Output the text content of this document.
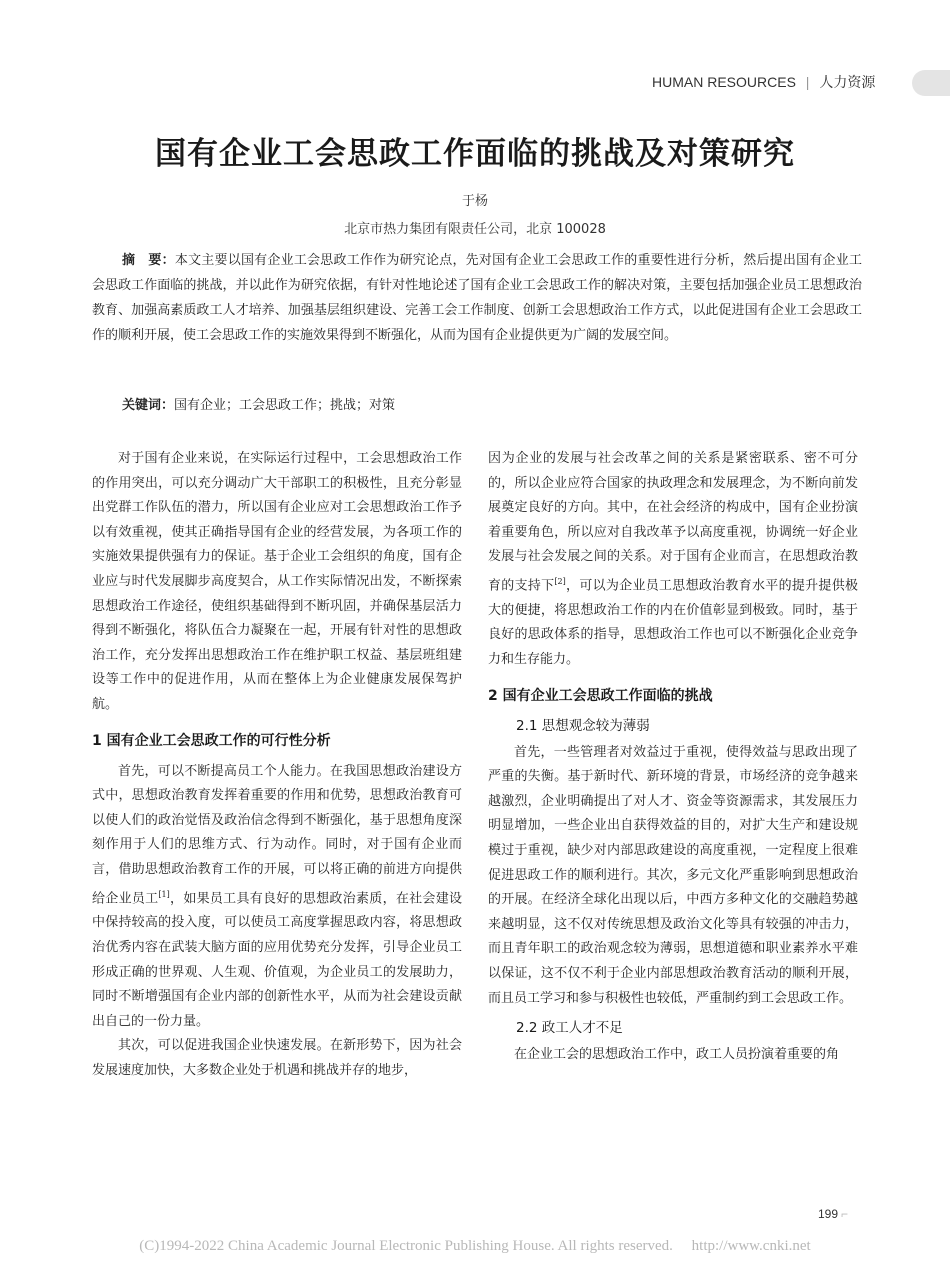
HUMAN RESOURCES | 人力资源
国有企业工会思政工作面临的挑战及对策研究
于杨
北京市热力集团有限责任公司，北京 100028
摘　要：本文主要以国有企业工会思政工作作为研究论点，先对国有企业工会思政工作的重要性进行分析，然后提出国有企业工会思政工作面临的挑战，并以此作为研究依据，有针对性地论述了国有企业工会思政工作的解决对策，主要包括加强企业员工思想政治教育、加强高素质政工人才培养、加强基层组织建设、完善工会工作制度、创新工会思想政治工作方式，以此促进国有企业工会思政工作的顺利开展，使工会思政工作的实施效果得到不断强化，从而为国有企业提供更为广阔的发展空间。
关键词：国有企业；工会思政工作；挑战；对策

对于国有企业来说，在实际运行过程中，工会思想政治工作的作用突出，可以充分调动广大干部职工的积极性，且充分彰显出党群工作队伍的潜力，所以国有企业应对工会思想政治工作予以有效重视，使其正确指导国有企业的经营发展，为各项工作的实施效果提供强有力的保证。基于企业工会组织的角度，国有企业应与时代发展脚步高度契合，从工作实际情况出发，不断探索思想政治工作途径，使组织基础得到不断巩固，并确保基层活力得到不断强化，将队伍合力凝聚在一起，开展有针对性的思想政治工作，充分发挥出思想政治工作在维护职工权益、基层班组建设等工作中的促进作用，从而在整体上为企业健康发展保驾护航。

1 国有企业工会思政工作的可行性分析

首先，可以不断提高员工个人能力。在我国思想政治建设方式中，思想政治教育发挥着重要的作用和优势，思想政治教育可以使人们的政治觉悟及政治信念得到不断强化，基于思想角度深刻作用于人们的思维方式、行为动作。同时，对于国有企业而言，借助思想政治教育工作的开展，可以将正确的前进方向提供给企业员工[1]，如果员工具有良好的思想政治素质，在社会建设中保持较高的投入度，可以使员工高度掌握思政内容，将思想政治优秀内容在武装大脑方面的应用优势充分发挥，引导企业员工形成正确的世界观、人生观、价值观，为企业员工的发展助力，同时不断增强国有企业内部的创新性水平，从而为社会建设贡献出自己的一份力量。

其次，可以促进我国企业快速发展。在新形势下，因为社会发展速度加快，大多数企业处于机遇和挑战并存的地步，

因为企业的发展与社会改革之间的关系是紧密联系、密不可分的，所以企业应符合国家的执政理念和发展理念，为不断向前发展奠定良好的方向。其中，在社会经济的构成中，国有企业扮演着重要角色，所以应对自我改革予以高度重视，协调统一好企业发展与社会发展之间的关系。对于国有企业而言，在思想政治教育的支持下[2]，可以为企业员工思想政治教育水平的提升提供极大的便捷，将思想政治工作的内在价值彰显到极致。同时，基于良好的思政体系的指导，思想政治工作也可以不断强化企业竞争力和生存能力。

2 国有企业工会思政工作面临的挑战
2.1 思想观念较为薄弱

首先，一些管理者对效益过于重视，使得效益与思政出现了严重的失衡。基于新时代、新环境的背景，市场经济的竞争越来越激烈，企业明确提出了对人才、资金等资源需求，其发展压力明显增加，一些企业出自获得效益的目的，对扩大生产和建设规模过于重视，缺少对内部思政建设的高度重视，一定程度上很难促进思政工作的顺利进行。其次，多元文化严重影响到思想政治的开展。在经济全球化出现以后，中西方多种文化的交融趋势越来越明显，这不仅对传统思想及政治文化等具有较强的冲击力，而且青年职工的政治观念较为薄弱，思想道德和职业素养水平难以保证，这不仅不利于企业内部思想政治教育活动的顺利开展，而且员工学习和参与积极性也较低，严重制约到工会思政工作。

2.2 政工人才不足

在企业工会的思想政治工作中，政工人员扮演着重要的角

199 ⌐
(C)1994-2022 China Academic Journal Electronic Publishing House. All rights reserved.　 http://www.cnki.net
